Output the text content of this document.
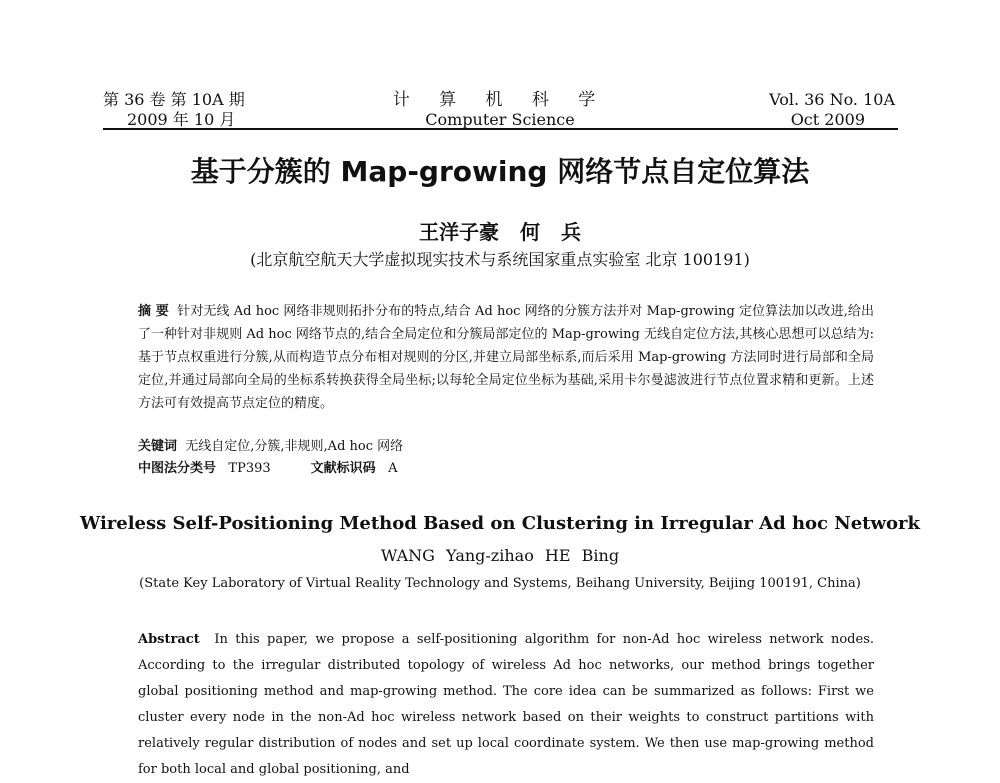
第 36 卷 第 10A 期
2009 年 10 月
计 算 机 科 学
Computer Science
Vol. 36 No. 10A
Oct 2009
基于分簇的 Map-growing 网络节点自定位算法
王洋子豪 何 兵
(北京航空航天大学虚拟现实技术与系统国家重点实验室 北京 100191)
摘 要 针对无线 Ad hoc 网络非规则拓扑分布的特点,结合 Ad hoc 网络的分簇方法并对 Map-growing 定位算法加以改进,给出了一种针对非规则 Ad hoc 网络节点的,结合全局定位和分簇局部定位的 Map-growing 无线自定位方法,其核心思想可以总结为:基于节点权重进行分簇,从而构造节点分布相对规则的分区,并建立局部坐标系,而后采用 Map-growing 方法同时进行局部和全局定位,并通过局部向全局的坐标系转换获得全局坐标;以每轮全局定位坐标为基础,采用卡尔曼滤波进行节点位置求精和更新。上述方法可有效提高节点定位的精度。
关键词 无线自定位,分簇,非规则,Ad hoc 网络
中图法分类号 TP393	文献标识码 A
Wireless Self-Positioning Method Based on Clustering in Irregular Ad hoc Network
WANG Yang-zihao HE Bing
(State Key Laboratory of Virtual Reality Technology and Systems, Beihang University, Beijing 100191, China)
Abstract In this paper, we propose a self-positioning algorithm for non-Ad hoc wireless network nodes. According to the irregular distributed topology of wireless Ad hoc networks, our method brings together global positioning method and map-growing method. The core idea can be summarized as follows: First we cluster every node in the non-Ad hoc wireless network based on their weights to construct partitions with relatively regular distribution of nodes and set up local coordinate system. We then use map-growing method for both local and global positioning, and
